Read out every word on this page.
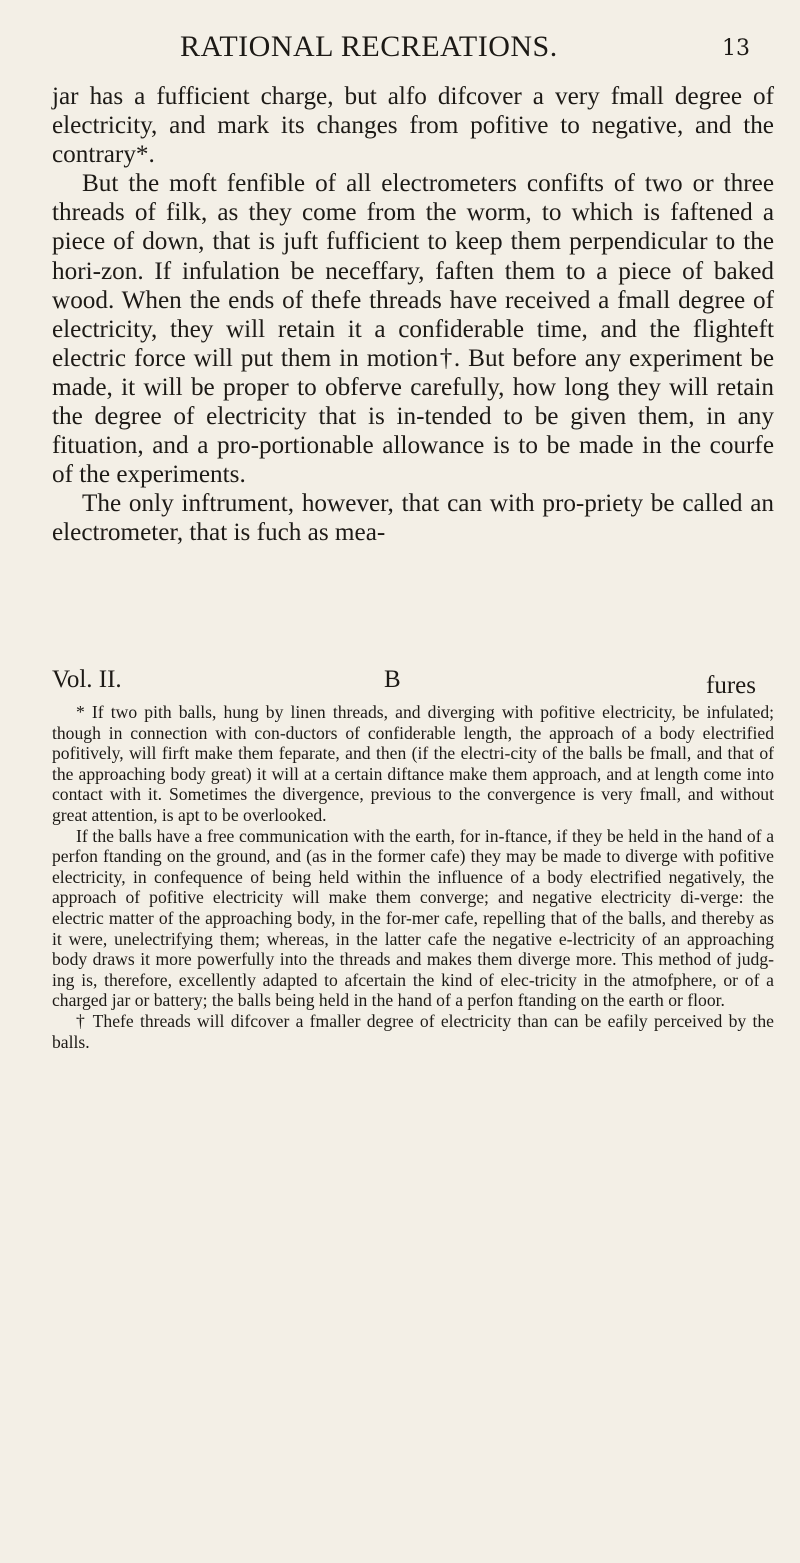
RATIONAL RECREATIONS.	13

jar has a fufficient charge, but alfo difcover a very fmall degree of electricity, and mark its changes from pofitive to negative, and the contrary*.

But the moft fenfible of all electrometers confifts of two or three threads of filk, as they come from the worm, to which is faftened a piece of down, that is juft fufficient to keep them perpendicular to the hori-zon. If infulation be neceffary, faften them to a piece of baked wood. When the ends of thefe threads have received a fmall degree of electricity, they will retain it a confiderable time, and the flighteft electric force will put them in motion†. But before any experiment be made, it will be proper to obferve carefully, how long they will retain the degree of electricity that is in-tended to be given them, in any fituation, and a pro-portionable allowance is to be made in the courfe of the experiments.

The only inftrument, however, that can with pro-priety be called an electrometer, that is fuch as mea-

Vol. II.	B	fures

* If two pith balls, hung by linen threads, and diverging with pofitive electricity, be infulated; though in connection with con-ductors of confiderable length, the approach of a body electrified pofitively, will firft make them feparate, and then (if the electri-city of the balls be fmall, and that of the approaching body great) it will at a certain diftance make them approach, and at length come into contact with it. Sometimes the divergence, previous to the convergence is very fmall, and without great attention, is apt to be overlooked.

If the balls have a free communication with the earth, for in-ftance, if they be held in the hand of a perfon ftanding on the ground, and (as in the former cafe) they may be made to diverge with pofitive electricity, in confequence of being held within the influence of a body electrified negatively, the approach of pofitive electricity will make them converge; and negative electricity di-verge: the electric matter of the approaching body, in the for-mer cafe, repelling that of the balls, and thereby as it were, unelectrifying them; whereas, in the latter cafe the negative e-lectricity of an approaching body draws it more powerfully into the threads and makes them diverge more. This method of judg-ing is, therefore, excellently adapted to afcertain the kind of elec-tricity in the atmofphere, or of a charged jar or battery; the balls being held in the hand of a perfon ftanding on the earth or floor.

† Thefe threads will difcover a fmaller degree of electricity than can be eafily perceived by the balls.
